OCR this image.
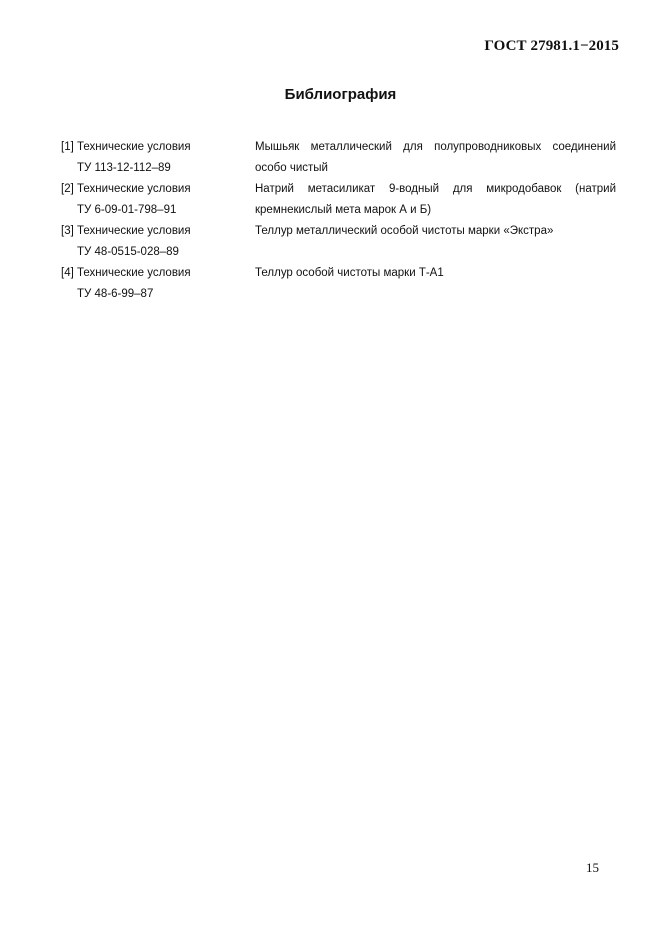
ГОСТ 27981.1−2015
Библиография
[1] Технические условия
ТУ 113-12-112–89
Мышьяк металлический для полупроводниковых соединений особо чистый
[2] Технические условия
ТУ 6-09-01-798–91
Натрий метасиликат 9-водный для микродобавок (натрий кремнекислый мета марок А и Б)
[3] Технические условия
ТУ 48-0515-028–89
Теллур металлический особой чистоты марки «Экстра»
[4] Технические условия
ТУ 48-6-99–87
Теллур особой чистоты марки Т-А1
15
